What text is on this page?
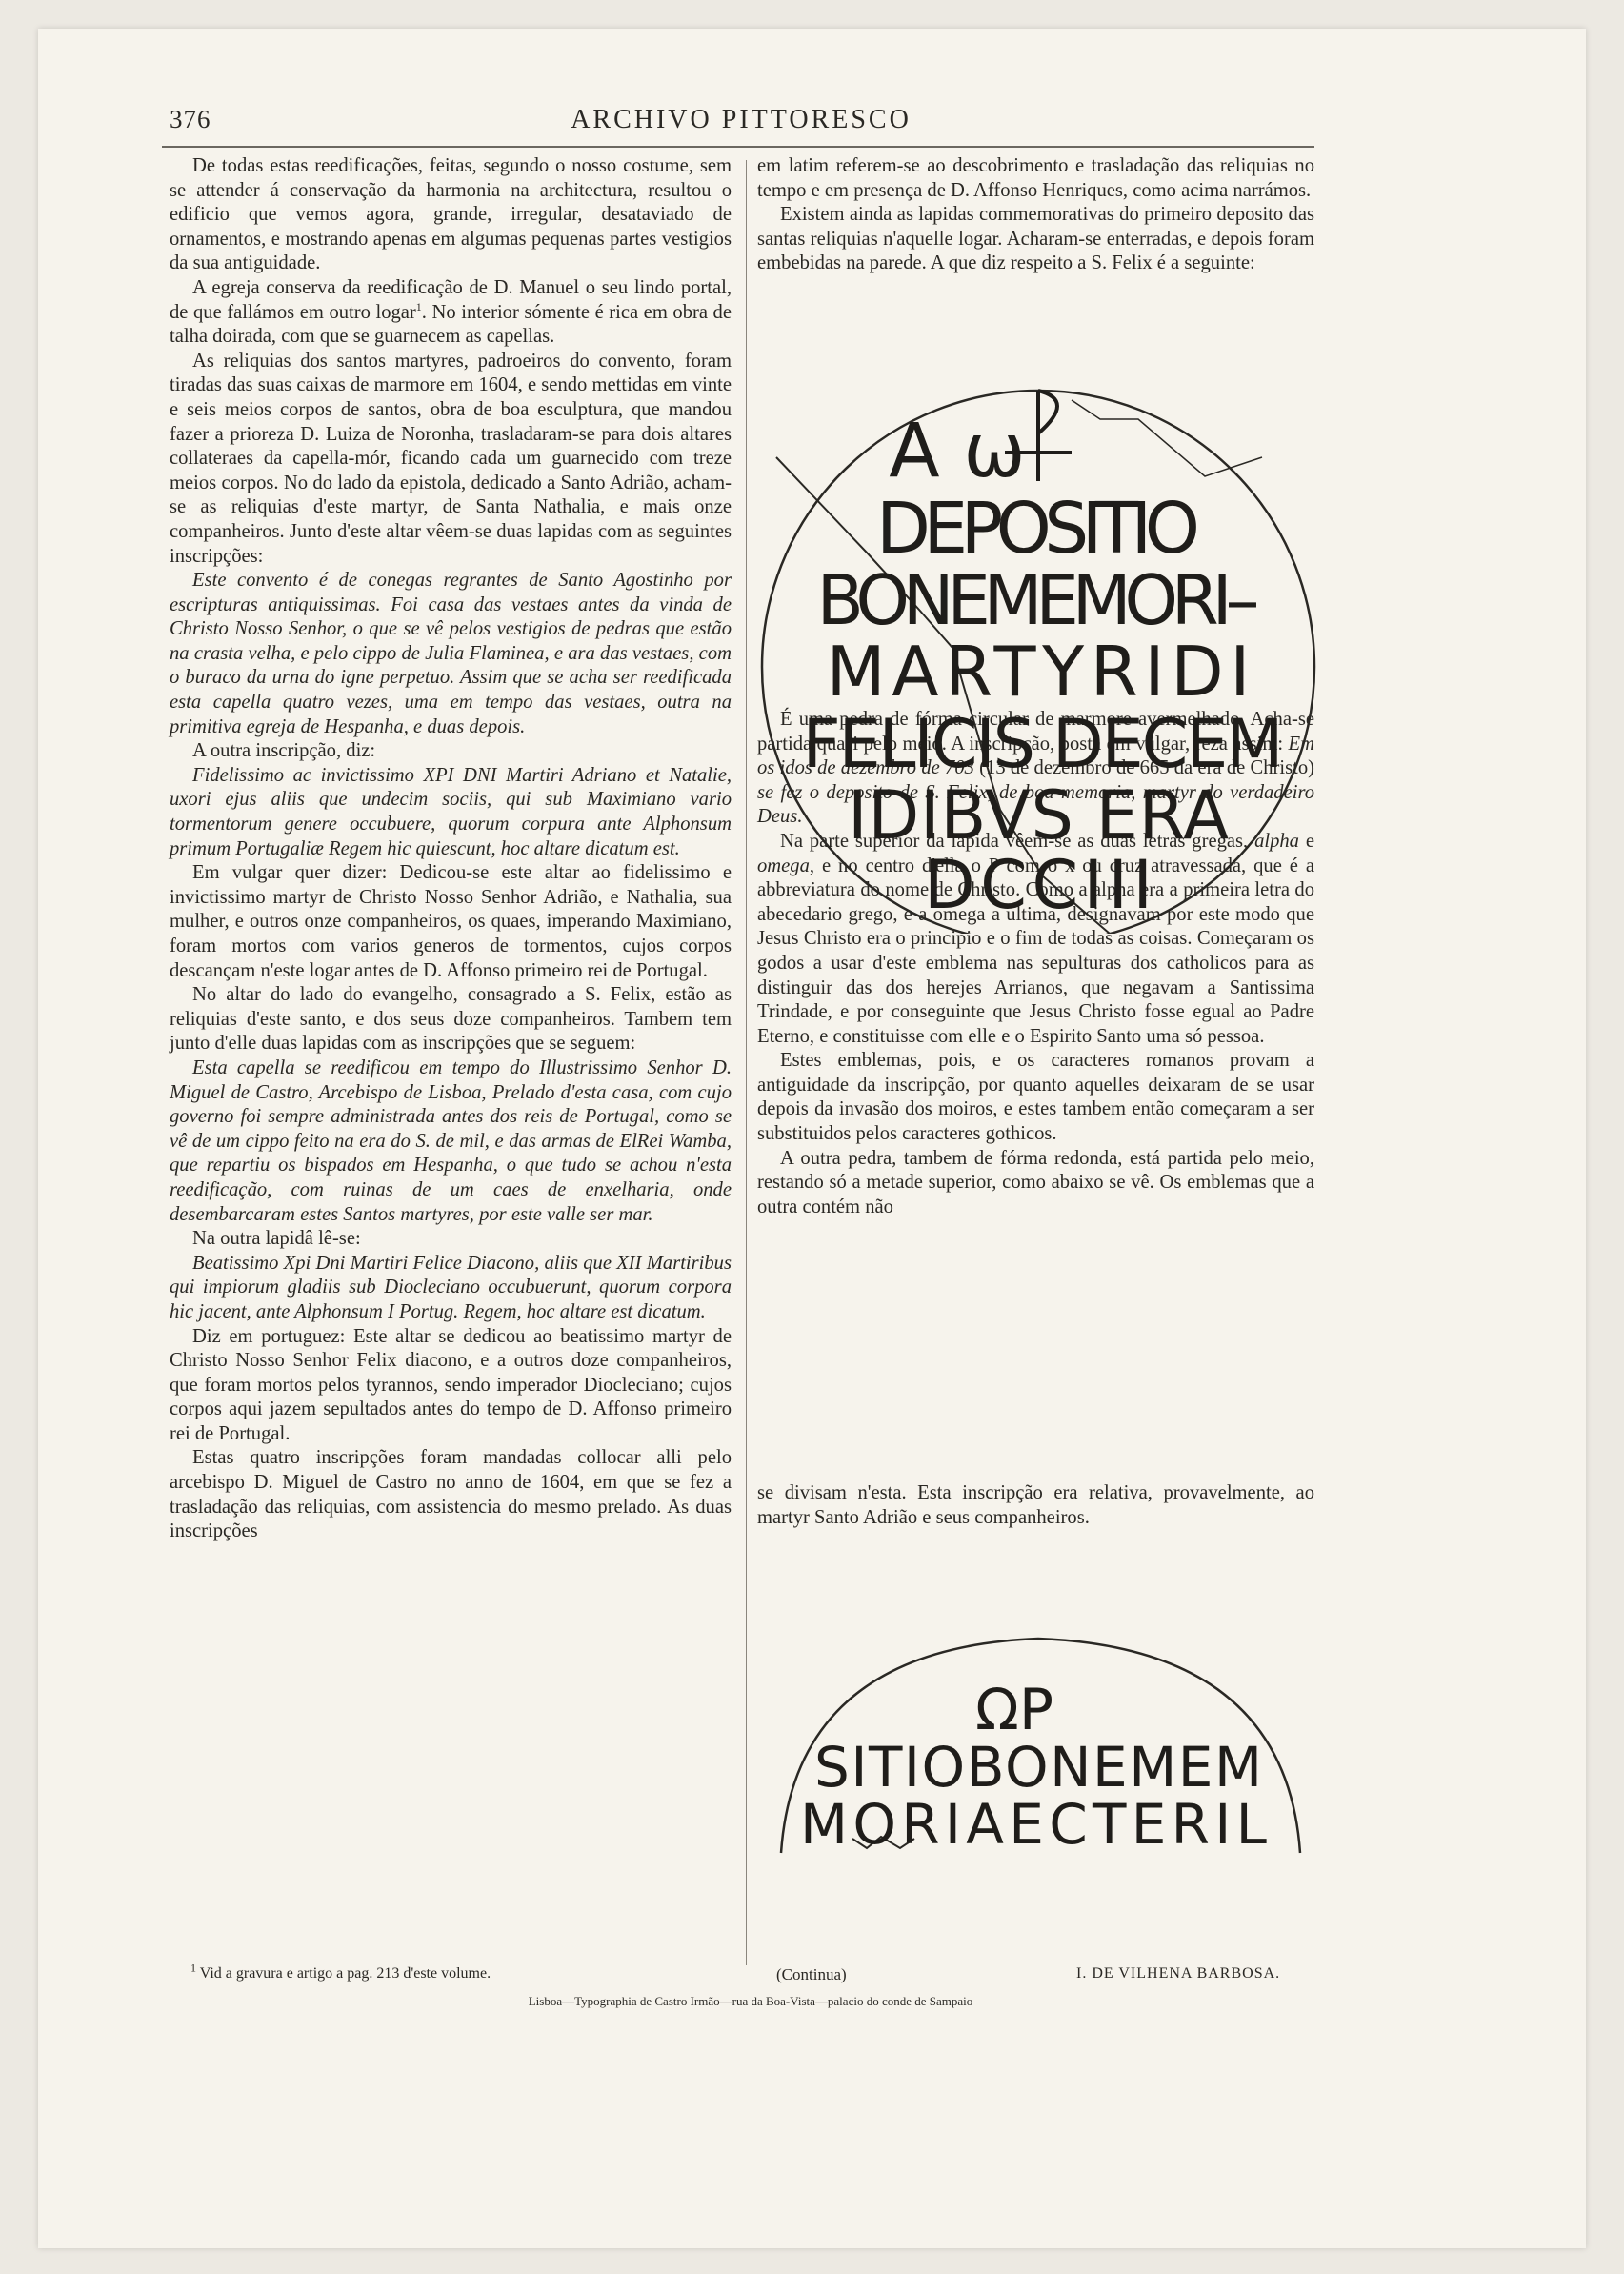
ARCHIVO PITTORESCO
376

De todas estas reedificações, feitas, segundo o nosso costume, sem se attender á conservação da harmonia na architectura, resultou o edificio que vemos agora, grande, irregular, desataviado de ornamentos, e mostrando apenas em algumas pequenas partes vestigios da sua antiguidade.

A egreja conserva da reedificação de D. Manuel o seu lindo portal, de que fallámos em outro logar$^1$. No interior sómente é rica em obra de talha doirada, com que se guarnecem as capellas.

As reliquias dos santos martyres, padroeiros do convento, foram tiradas das suas caixas de marmore em 1604, e sendo mettidas em vinte e seis meios corpos de santos, obra de boa esculptura, que mandou fazer a prioreza D. Luiza de Noronha, trasladaram-se para dois altares collateraes da capella-mór, ficando cada um guarnecido com treze meios corpos. No do lado da epistola, dedicado a Santo Adrião, acham-se as reliquias d'este martyr, de Santa Nathalia, e mais onze companheiros. Junto d'este altar vêem-se duas lapidas com as seguintes inscripções:

Este convento é de conegas regrantes de Santo Agostinho por escripturas antiquissimas. Foi casa das vestaes antes da vinda de Christo Nosso Senhor, o que se vê pelos vestigios de pedras que estão na crasta velha, e pelo cippo de Julia Flaminea, e ara das vestaes, com o buraco da urna do igne perpetuo. Assim que se acha ser reedificada esta capella quatro vezes, uma em tempo das vestaes, outra na primitiva egreja de Hespanha, e duas depois.

A outra inscripção, diz:

Fidelissimo ac invictissimo XPI DNI Martiri Adriano et Natalie, uxori ejus aliis que undecim sociis, qui sub Maximiano vario tormentorum genere occubuere, quorum corpura ante Alphonsum primum Portugaliæ Regem hic quiescunt, hoc altare dicatum est.

Em vulgar quer dizer: Dedicou-se este altar ao fidelissimo e invictissimo martyr de Christo Nosso Senhor Adrião, e Nathalia, sua mulher, e outros onze companheiros, os quaes, imperando Maximiano, foram mortos com varios generos de tormentos, cujos corpos descançam n'este logar antes de D. Affonso primeiro rei de Portugal.

No altar do lado do evangelho, consagrado a S. Felix, estão as reliquias d'este santo, e dos seus doze companheiros. Tambem tem junto d'elle duas lapidas com as inscripções que se seguem:

Esta capella se reedificou em tempo do Illustrissimo Senhor D. Miguel de Castro, Arcebispo de Lisboa, Prelado d'esta casa, com cujo governo foi sempre administrada antes dos reis de Portugal, como se vê de um cippo feito na era do S. de mil, e das armas de ElRei Wamba, que repartiu os bispados em Hespanha, o que tudo se achou n'esta reedificação, com ruinas de um caes de enxelharia, onde desembarcaram estes Santos martyres, por este valle ser mar.

Na outra lapidâ lê-se:

Beatissimo Xpi Dni Martiri Felice Diacono, aliis que XII Martiribus qui impiorum gladiis sub Diocleciano occubuerunt, quorum corpora hic jacent, ante Alphonsum I Portug. Regem, hoc altare est dicatum.

Diz em portuguez: Este altar se dedicou ao beatissimo martyr de Christo Nosso Senhor Felix diacono, e a outros doze companheiros, que foram mortos pelos tyrannos, sendo imperador Diocleciano; cujos corpos aqui jazem sepultados antes do tempo de D. Affonso primeiro rei de Portugal.

Estas quatro inscripções foram mandadas collocar alli pelo arcebispo D. Miguel de Castro no anno de 1604, em que se fez a trasladação das reliquias, com assistencia do mesmo prelado. As duas inscripções

em latim referem-se ao descobrimento e trasladação das reliquias no tempo e em presença de D. Affonso Henriques, como acima narrámos.

Existem ainda as lapidas commemorativas do primeiro deposito das santas reliquias n'aquelle logar. Acharam-se enterradas, e depois foram embebidas na parede. A que diz respeito a S. Felix é a seguinte:

É uma pedra de fórma circular de marmore avermelhado. Acha-se partida quasi pelo meio. A inscripção, posta em vulgar, reza assim: Em os idos de dezembro de 703 (13 de dezembro de 665 da era de Christo) se fez o deposito de S. Felix, de boa memoria, martyr do verdadeiro Deus.

Na parte superior da lapida vêem-se as duas letras gregas, alpha e omega, e no centro d'ella o P com o x ou cruz atravessada, que é a abbreviatura do nome de Christo. Como a alpha era a primeira letra do abecedario grego, e a omega a ultima, designavam por este modo que Jesus Christo era o principio e o fim de todas as coisas. Começaram os godos a usar d'este emblema nas sepulturas dos catholicos para as distinguir das dos herejes Arrianos, que negavam a Santissima Trindade, e por conseguinte que Jesus Christo fosse egual ao Padre Eterno, e constituisse com elle e o Espirito Santo uma só pessoa.

Estes emblemas, pois, e os caracteres romanos provam a antiguidade da inscripção, por quanto aquelles deixaram de se usar depois da invasão dos moiros, e estes tambem então começaram a ser substituidos pelos caracteres gothicos.

A outra pedra, tambem de fórma redonda, está partida pelo meio, restando só a metade superior, como abaixo se vê. Os emblemas que a outra contém não

se divisam n'esta. Esta inscripção era relativa, provavelmente, ao martyr Santo Adrião e seus companheiros.

A ω
DEPOSITIO
BONEMEMORI–
MARTYRIDI
FELICIS DECEM
IDIBVS ERA
DCCIII
ΩP
SITIOBONEMEM
MORIAECTERIL
$^1$ Vid a gravura e artigo a pag. 213 d'este volume.	(Continua)	I. DE VILHENA BARBOSA.
Lisboa—Typographia de Castro Irmão—rua da Boa-Vista—palacio do conde de Sampaio
